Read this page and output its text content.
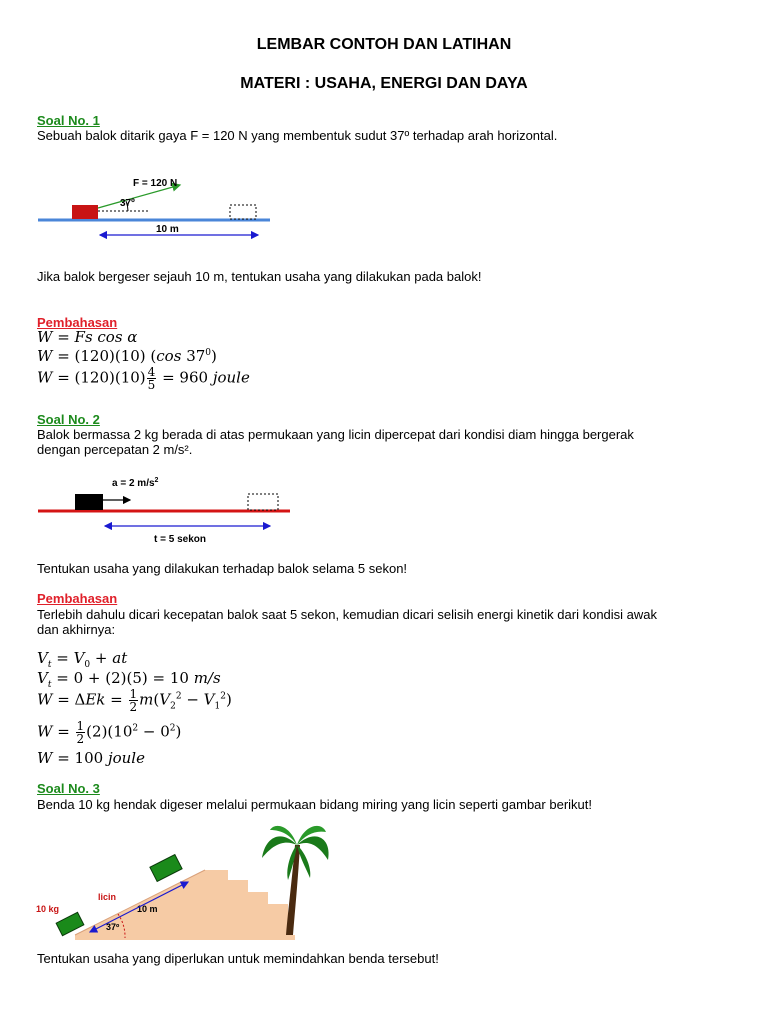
LEMBAR CONTOH DAN LATIHAN
MATERI : USAHA, ENERGI DAN DAYA

Soal No. 1

Sebuah balok ditarik gaya F = 120 N yang membentuk sudut 37º terhadap arah horizontal.

F = 120 N
37º
10 m

Jika balok bergeser sejauh 10 m, tentukan usaha yang dilakukan pada balok!

Pembahasan

W = Fs cos α
W = (120)(10) (cos $37^0$)
$W = (120)(10) \frac{4}{5} = 960$ joule

Soal No. 2

Balok bermassa 2 kg berada di atas permukaan yang licin dipercepat dari kondisi diam hingga bergerak dengan percepatan 2 m/s².

a = 2 $m/s^2$
t = 5 sekon

Tentukan usaha yang dilakukan terhadap balok selama 5 sekon!

Pembahasan

Terlebih dahulu dicari kecepatan balok saat 5 sekon, kemudian dicari selisih energi kinetik dari kondisi awak dan akhirnya:

$V_t = V_0$ + at
$V_t = 0 + (2)(5) = 10$ m/s
$W = \Delta Ek = \frac{1}{2} m(V_2^2 - V_1^2)$
$W = \frac{1}{2} (2)(10^2 - 0^2)$
W = 100 joule

Soal No. 3

Benda 10 kg hendak digeser melalui permukaan bidang miring yang licin seperti gambar berikut!

10 kg
licin
10 m
37º

Tentukan usaha yang diperlukan untuk memindahkan benda tersebut!
